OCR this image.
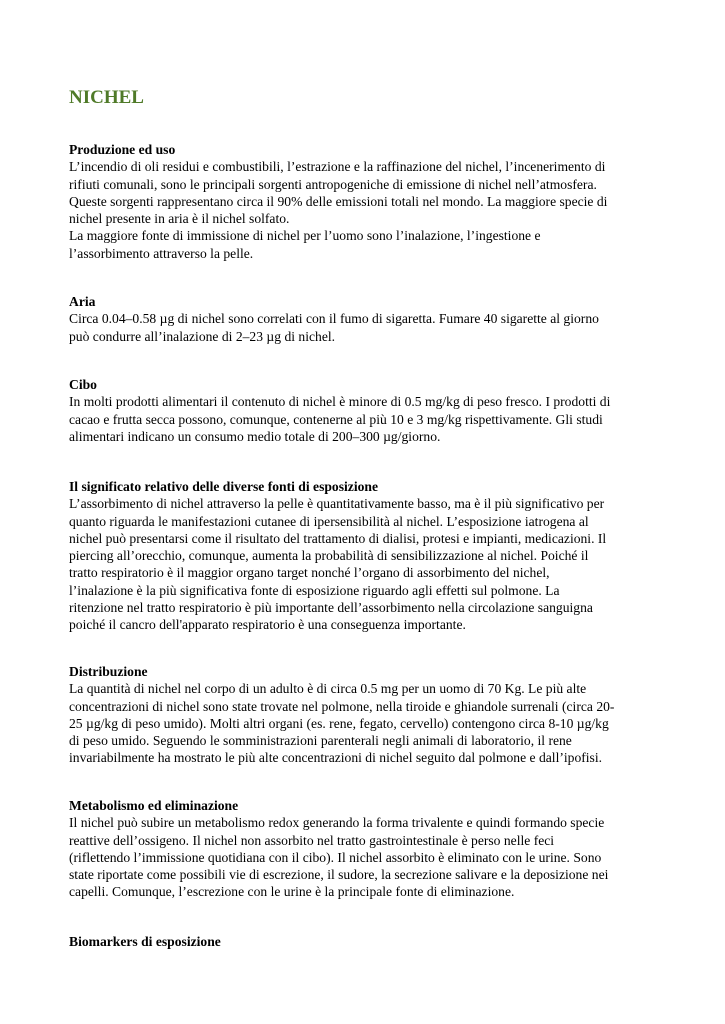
NICHEL

Produzione ed uso

L’incendio di oli residui e combustibili, l’estrazione e la raffinazione del nichel, l’incenerimento di
rifiuti comunali, sono le principali sorgenti antropogeniche di emissione di nichel nell’atmosfera.
Queste sorgenti rappresentano circa il 90% delle emissioni totali nel mondo. La maggiore specie di
nichel presente in aria è il nichel solfato.

La maggiore fonte di immissione di nichel per l’uomo sono l’inalazione, l’ingestione e
l’assorbimento attraverso la pelle.

Aria

Circa 0.04–0.58 µg di nichel sono correlati con il fumo di sigaretta. Fumare 40 sigarette al giorno
può condurre all’inalazione di 2–23 µg di nichel.

Cibo

In molti prodotti alimentari il contenuto di nichel è minore di 0.5 mg/kg di peso fresco. I prodotti di
cacao e frutta secca possono, comunque, contenerne al più 10 e 3 mg/kg rispettivamente. Gli studi
alimentari indicano un consumo medio totale di 200–300 µg/giorno.

Il significato relativo delle diverse fonti di esposizione

L’assorbimento di nichel attraverso la pelle è quantitativamente basso, ma è il più significativo per
quanto riguarda le manifestazioni cutanee di ipersensibilità al nichel. L’esposizione iatrogena al
nichel può presentarsi come il risultato del trattamento di dialisi, protesi e impianti, medicazioni. Il
piercing all’orecchio, comunque, aumenta la probabilità di sensibilizzazione al nichel. Poiché il
tratto respiratorio è il maggior organo target nonché l’organo di assorbimento del nichel,
l’inalazione è la più significativa fonte di esposizione riguardo agli effetti sul polmone. La
ritenzione nel tratto respiratorio è più importante dell’assorbimento nella circolazione sanguigna
poiché il cancro dell'apparato respiratorio è una conseguenza importante.

Distribuzione

La quantità di nichel nel corpo di un adulto è di circa 0.5 mg per un uomo di 70 Kg. Le più alte
concentrazioni di nichel sono state trovate nel polmone, nella tiroide e ghiandole surrenali (circa 20-
25 µg/kg di peso umido). Molti altri organi (es. rene, fegato, cervello) contengono circa 8-10 µg/kg
di peso umido. Seguendo le somministrazioni parenterali negli animali di laboratorio, il rene
invariabilmente ha mostrato le più alte concentrazioni di nichel seguito dal polmone e dall’ipofisi.

Metabolismo ed eliminazione

Il nichel può subire un metabolismo redox generando la forma trivalente e quindi formando specie
reattive dell’ossigeno. Il nichel non assorbito nel tratto gastrointestinale è perso nelle feci
(riflettendo l’immissione quotidiana con il cibo). Il nichel assorbito è eliminato con le urine. Sono
state riportate come possibili vie di escrezione, il sudore, la secrezione salivare e la deposizione nei
capelli. Comunque, l’escrezione con le urine è la principale fonte di eliminazione.

Biomarkers di esposizione
